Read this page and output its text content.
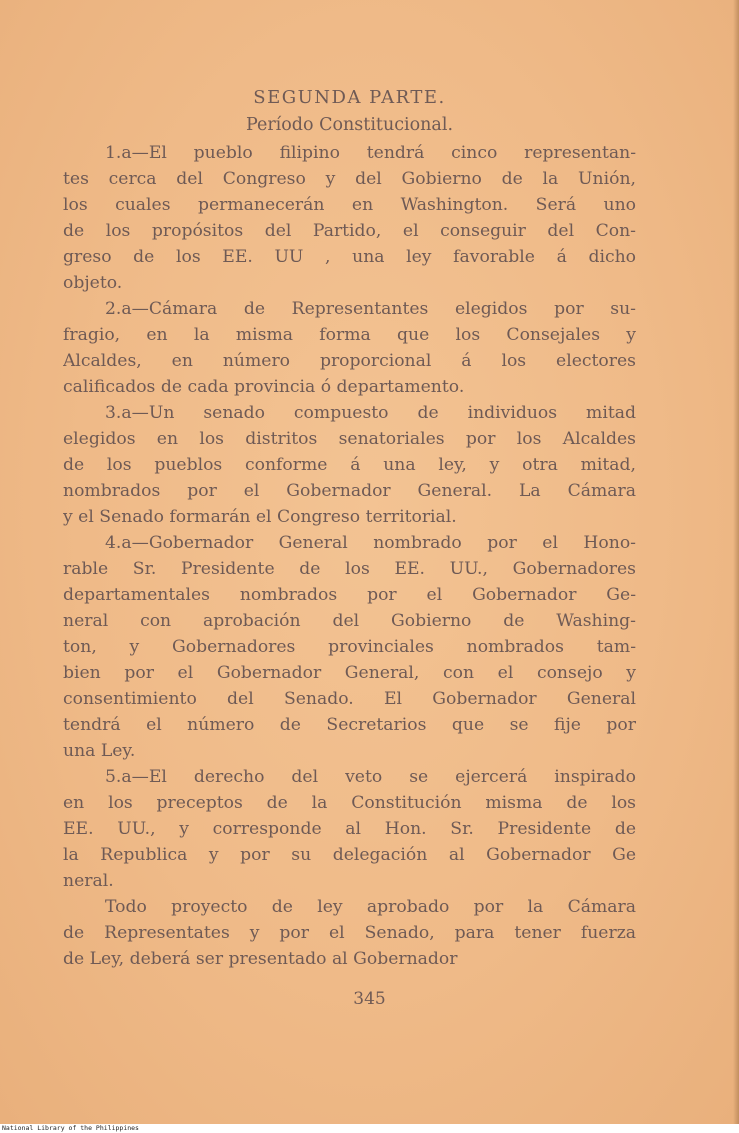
SEGUNDA PARTE.
Período Constitucional.
1.a—El pueblo filipino tendrá cinco representan-
tes cerca del Congreso y del Gobierno de la Unión,
los cuales permanecerán en Washington. Será uno
de los propósitos del Partido, el conseguir del Con-
greso de los EE. UU , una ley favorable á dicho
objeto.
2.a—Cámara de Representantes elegidos por su-
fragio, en la misma forma que los Consejales y
Alcaldes, en número proporcional á los electores
calificados de cada provincia ó departamento.
3.a—Un senado compuesto de individuos mitad
elegidos en los distritos senatoriales por los Alcaldes
de los pueblos conforme á una ley, y otra mitad,
nombrados por el Gobernador General. La Cámara
y el Senado formarán el Congreso territorial.
4.a—Gobernador General nombrado por el Hono-
rable Sr. Presidente de los EE. UU., Gobernadores
departamentales nombrados por el Gobernador Ge-
neral con aprobación del Gobierno de Washing-
ton, y Gobernadores provinciales nombrados tam-
bien por el Gobernador General, con el consejo y
consentimiento del Senado. El Gobernador General
tendrá el número de Secretarios que se fije por
una Ley.
5.a—El derecho del veto se ejercerá inspirado
en los preceptos de la Constitución misma de los
EE. UU., y corresponde al Hon. Sr. Presidente de
la Republica y por su delegación al Gobernador Ge
neral.
Todo proyecto de ley aprobado por la Cámara
de Representates y por el Senado, para tener fuerza
de Ley, deberá ser presentado al Gobernador
345
National Library of the Philippines
